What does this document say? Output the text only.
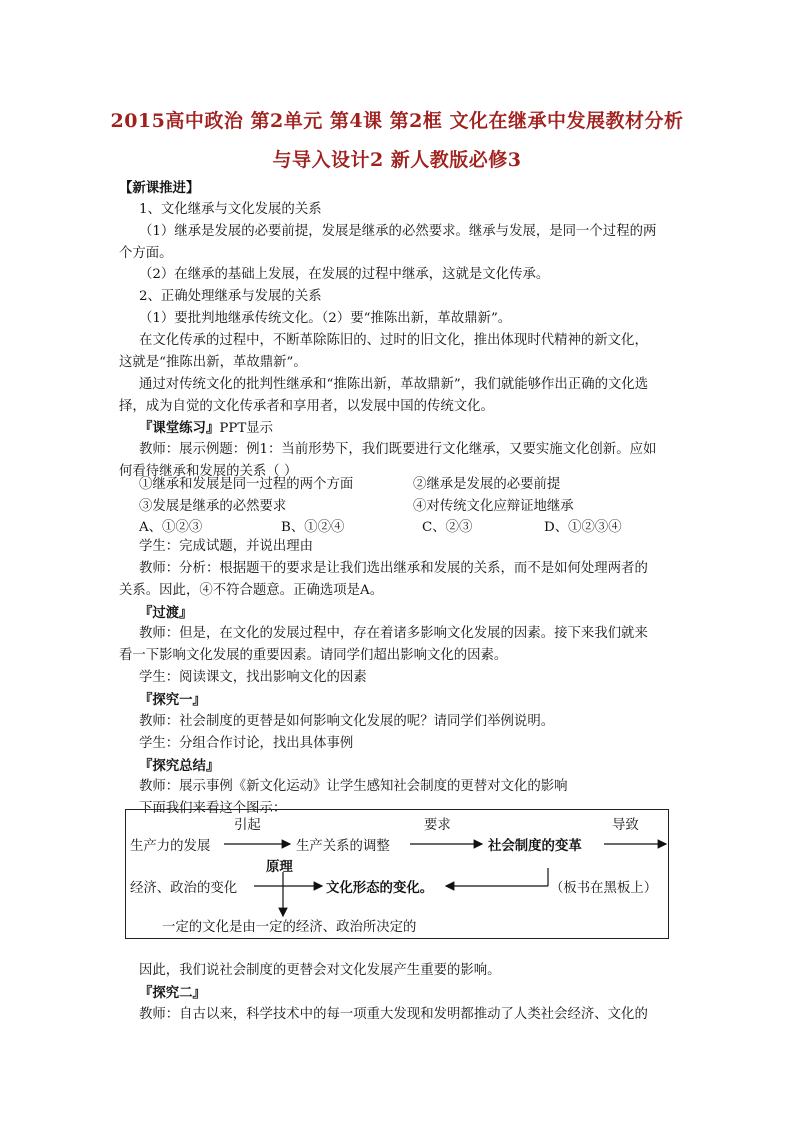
2015高中政治 第2单元 第4课 第2框 文化在继承中发展教材分析
与导入设计2 新人教版必修3
【新课推进】
1、文化继承与文化发展的关系
（1）继承是发展的必要前提，发展是继承的必然要求。继承与发展，是同一个过程的两
个方面。
（2）在继承的基础上发展，在发展的过程中继承，这就是文化传承。
2、正确处理继承与发展的关系
（1）要批判地继承传统文化。（2）要“推陈出新，革故鼎新”。
在文化传承的过程中，不断革除陈旧的、过时的旧文化，推出体现时代精神的新文化，
这就是“推陈出新，革故鼎新”。
通过对传统文化的批判性继承和“推陈出新，革故鼎新”，我们就能够作出正确的文化选
择，成为自觉的文化传承者和享用者，以发展中国的传统文化。
『课堂练习』PPT显示
教师：展示例题：例1：当前形势下，我们既要进行文化继承，又要实施文化创新。应如
何看待继承和发展的关系（ ）
学生：完成试题，并说出理由
教师：分析：根据题干的要求是让我们选出继承和发展的关系，而不是如何处理两者的
关系。因此，④不符合题意。正确选项是A。
『过渡』
教师：但是，在文化的发展过程中，存在着诸多影响文化发展的因素。接下来我们就来
看一下影响文化发展的重要因素。请同学们超出影响文化的因素。
学生：阅读课文，找出影响文化的因素
『探究一』
教师：社会制度的更替是如何影响文化发展的呢？请同学们举例说明。
学生：分组合作讨论，找出具体事例
『探究总结』
教师：展示事例《新文化运动》让学生感知社会制度的更替对文化的影响
下面我们来看这个图示：
①继承和发展是同一过程的两个方面	②继承是发展的必要前提
③发展是继承的必然要求	④对传统文化应辩证地继承
A、①②③	B、①②④	C、②③	D、①②③④
引起	要求	导致
生产力的发展	生产关系的调整	社会制度的变革
原理
经济、政治的变化	文化形态的变化。	（板书在黑板上）
一定的文化是由一定的经济、政治所决定的
因此，我们说社会制度的更替会对文化发展产生重要的影响。
『探究二』
教师：自古以来，科学技术中的每一项重大发现和发明都推动了人类社会经济、文化的
